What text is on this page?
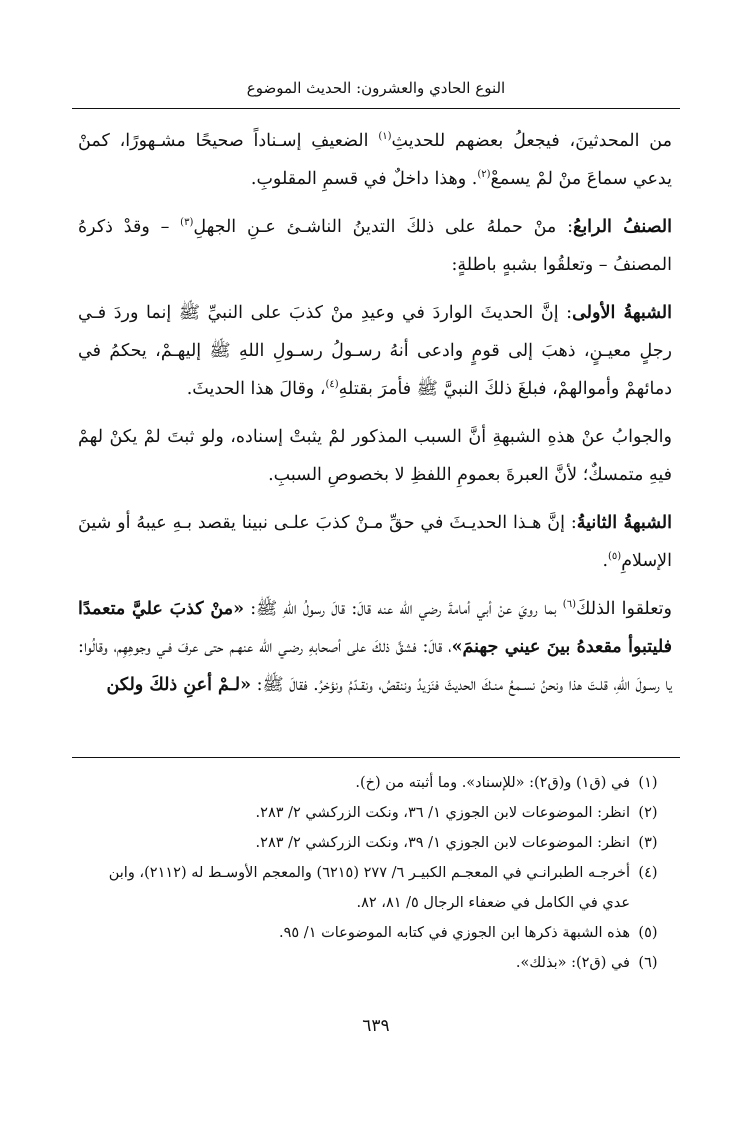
النوع الحادي والعشرون: الحديث الموضوع

من المحدثينَ، فيجعلُ بعضهم للحديثِ$^{(١)}$ الضعيفِ إسـناداً صحيحًا مشـهورًا، كمنْ يدعي سماعَ منْ لمْ يسمعْ$^{(٢)}$. وهذا داخلٌ في قسمِ المقلوبِ.

الصنفُ الرابعُ: منْ حملهُ على ذلكَ التدينُ الناشـئ عـنِ الجهلِ$^{(٣)}$ – وقدْ ذكرهُ المصنفُ – وتعلقُوا بشبهٍ باطلةٍ:

الشبهةُ الأولى: إنَّ الحديثَ الواردَ في وعيدِ منْ كذبَ على النبيِّ ﷺ إنما وردَ فـي رجلٍ معيـنٍ، ذهبَ إلى قومٍ وادعى أنهُ رسـولُ رسـولِ اللهِ ﷺ إليهـمْ، يحكمُ في دمائهمْ وأموالهمْ، فبلغَ ذلكَ النبيَّ ﷺ فأمرَ بقتلهِ$^{(٤)}$، وقالَ هذا الحديثَ.

والجوابُ عنْ هذهِ الشبهةِ أنَّ السبب المذكور لمْ يثبتْ إسناده، ولو ثبتَ لمْ يكنْ لهمْ فيهِ متمسكٌ؛ لأنَّ العبرةَ بعمومِ اللفظِ لا بخصوصِ السببِ.

الشبهةُ الثانيةُ: إنَّ هـذا الحديـثَ في حقِّ مـنْ كذبَ علـى نبينا يقصد بـهِ عيبهُ أو شينَ الإسلامِ$^{(٥)}$.

وتعلقوا الذلكَ$^{(٦)}$ بما رويَ عنْ أبي أمامةَ رضي الله عنه قالَ: قالَ رسولُ اللهِ ﷺ: «منْ كذبَ عليَّ متعمدًا فليتبوأ مقعدهُ بينَ عيني جهنمَ»، قالَ: فشقَّ ذلكَ على أصحابهِ رضـي الله عنهـم حتى عرفَ فـي وجوهِهِم، وقالُوا: يا رسـولَ اللهِ، قلـتَ هذا ونحنُ نسـمعُ منـكَ الحديثَ فنَزيدُ وننقصُ، ونقـدّمُ ونؤخرُ. فقالَ ﷺ: «لـمْ أعنِ ذلكَ ولكن

(١)
في (ق١) و(ق٢): «للإسناد». وما أثبته من (خ).
(٢)
انظر: الموضوعات لابن الجوزي ١/ ٣٦، ونكت الزركشي ٢/ ٢٨٣.
(٣)
انظر: الموضوعات لابن الجوزي ١/ ٣٩، ونكت الزركشي ٢/ ٢٨٣.
(٤)
أخرجـه الطبرانـي في المعجـم الكبيـر ٦/ ٢٧٧ (٦٢١٥) والمعجم الأوسـط له (٢١١٢)، وابن عدي في الكامل في ضعفاء الرجال ٥/ ٨١، ٨٢.
(٥)
هذه الشبهة ذكرها ابن الجوزي في كتابه الموضوعات ١/ ٩٥.
(٦)
في (ق٢): «بذلك».
٦٣٩
